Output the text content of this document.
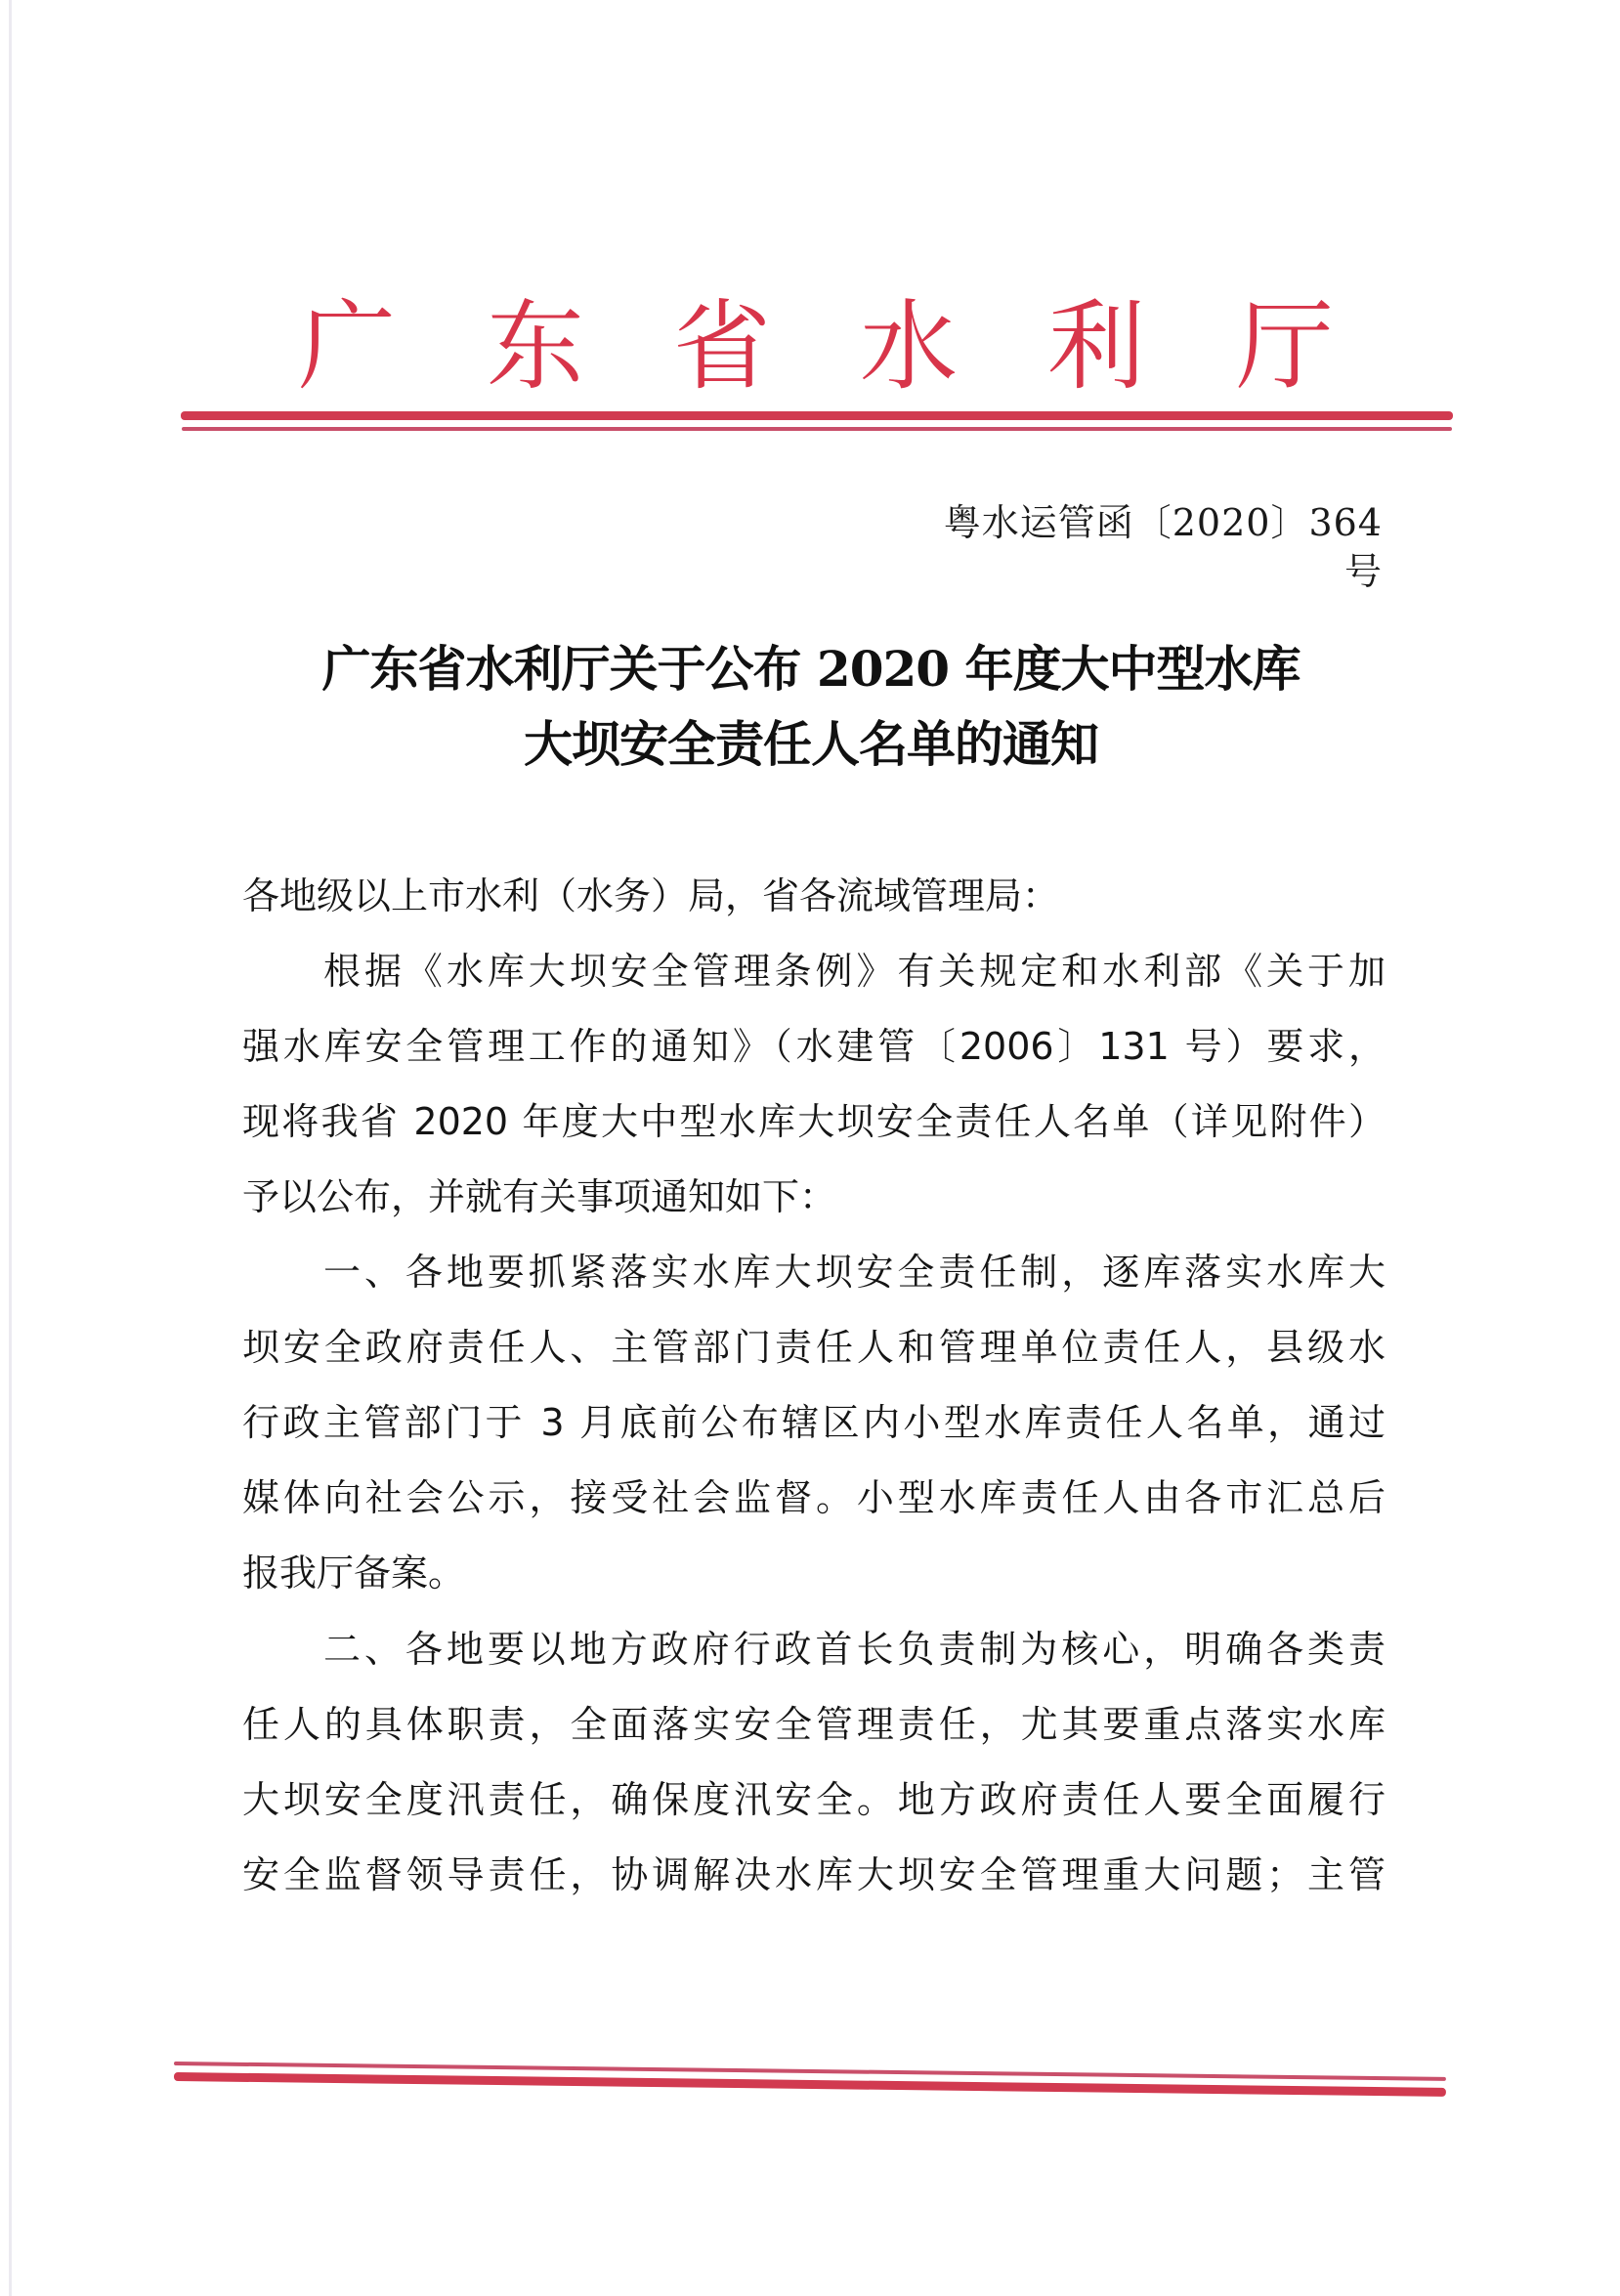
广 东 省 水 利 厅
粤水运管函〔2020〕364 号
广东省水利厅关于公布 2020 年度大中型水库
大坝安全责任人名单的通知
各地级以上市水利（水务）局，省各流域管理局：
根据《水库大坝安全管理条例》有关规定和水利部《关于加
强水库安全管理工作的通知》（水建管〔2006〕131 号）要求，
现将我省 2020 年度大中型水库大坝安全责任人名单（详见附件）
予以公布，并就有关事项通知如下：
一、各地要抓紧落实水库大坝安全责任制，逐库落实水库大
坝安全政府责任人、主管部门责任人和管理单位责任人，县级水
行政主管部门于 3 月底前公布辖区内小型水库责任人名单，通过
媒体向社会公示，接受社会监督。小型水库责任人由各市汇总后
报我厅备案。
二、各地要以地方政府行政首长负责制为核心，明确各类责
任人的具体职责，全面落实安全管理责任，尤其要重点落实水库
大坝安全度汛责任，确保度汛安全。地方政府责任人要全面履行
安全监督领导责任，协调解决水库大坝安全管理重大问题；主管
